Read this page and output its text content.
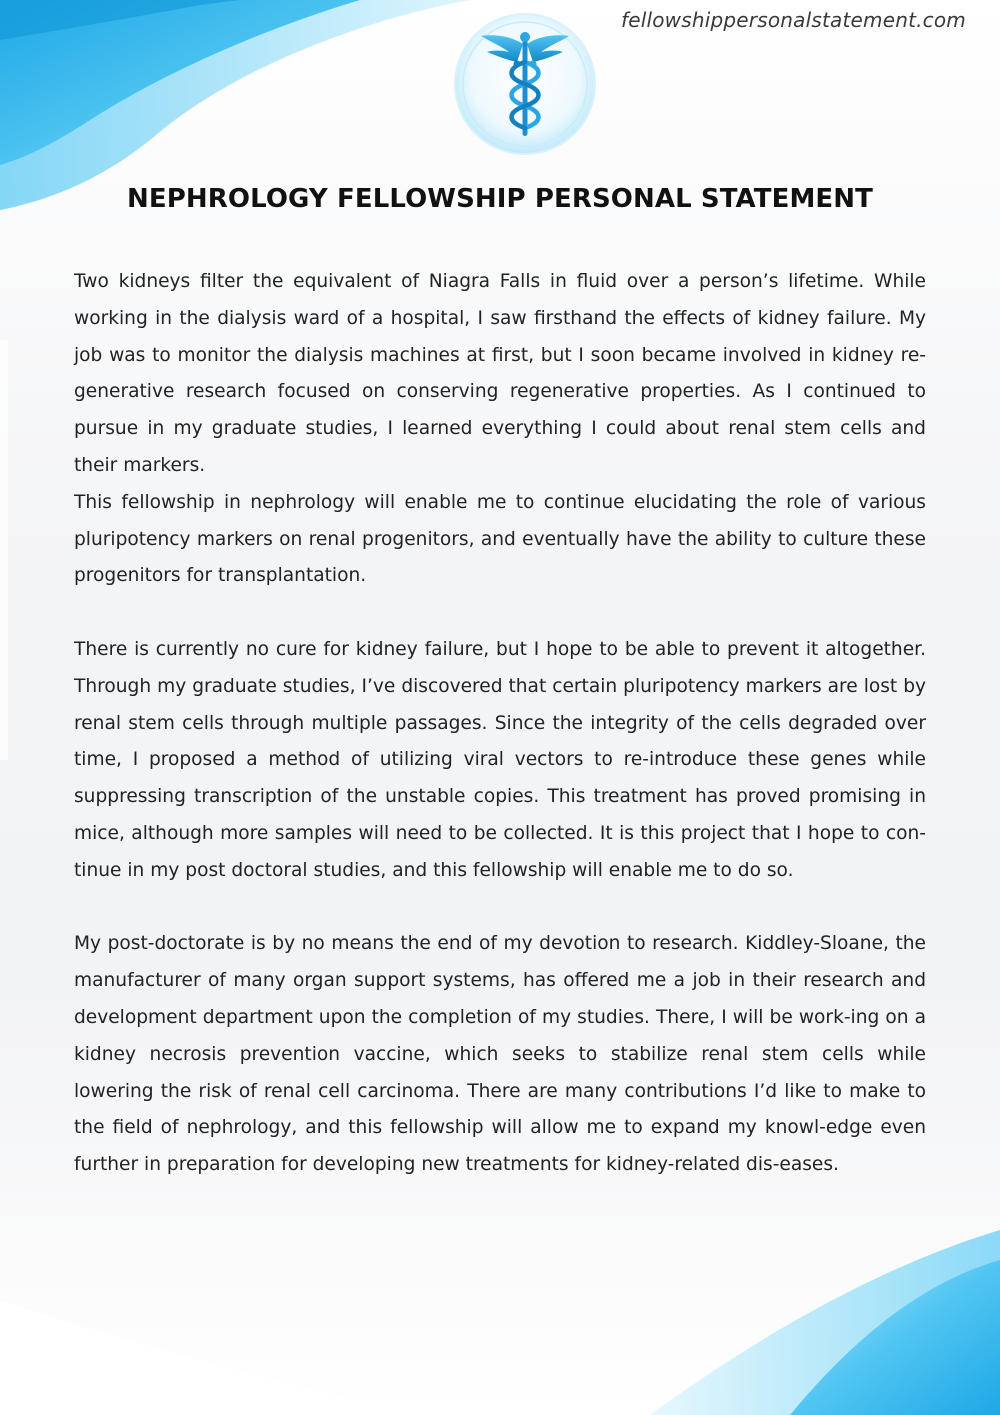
fellowshippersonalstatement.com
NEPHROLOGY FELLOWSHIP PERSONAL STATEMENT

Two kidneys filter the equivalent of Niagra Falls in fluid over a person’s lifetime. While working in the dialysis ward of a hospital, I saw firsthand the effects of kidney failure. My job was to monitor the dialysis machines at first, but I soon became involved in kidney re-generative research focused on conserving regenerative properties. As I continued to pursue in my graduate studies, I learned everything I could about renal stem cells and their markers.

This fellowship in nephrology will enable me to continue elucidating the role of various pluripotency markers on renal progenitors, and eventually have the ability to culture these progenitors for transplantation.

There is currently no cure for kidney failure, but I hope to be able to prevent it altogether. Through my graduate studies, I’ve discovered that certain pluripotency markers are lost by renal stem cells through multiple passages. Since the integrity of the cells degraded over time, I proposed a method of utilizing viral vectors to re-introduce these genes while suppressing transcription of the unstable copies. This treatment has proved promising in mice, although more samples will need to be collected. It is this project that I hope to con-tinue in my post doctoral studies, and this fellowship will enable me to do so.

My post-doctorate is by no means the end of my devotion to research. Kiddley-Sloane, the manufacturer of many organ support systems, has offered me a job in their research and development department upon the completion of my studies. There, I will be work-ing on a kidney necrosis prevention vaccine, which seeks to stabilize renal stem cells while lowering the risk of renal cell carcinoma. There are many contributions I’d like to make to the field of nephrology, and this fellowship will allow me to expand my knowl-edge even further in preparation for developing new treatments for kidney-related dis-eases.
